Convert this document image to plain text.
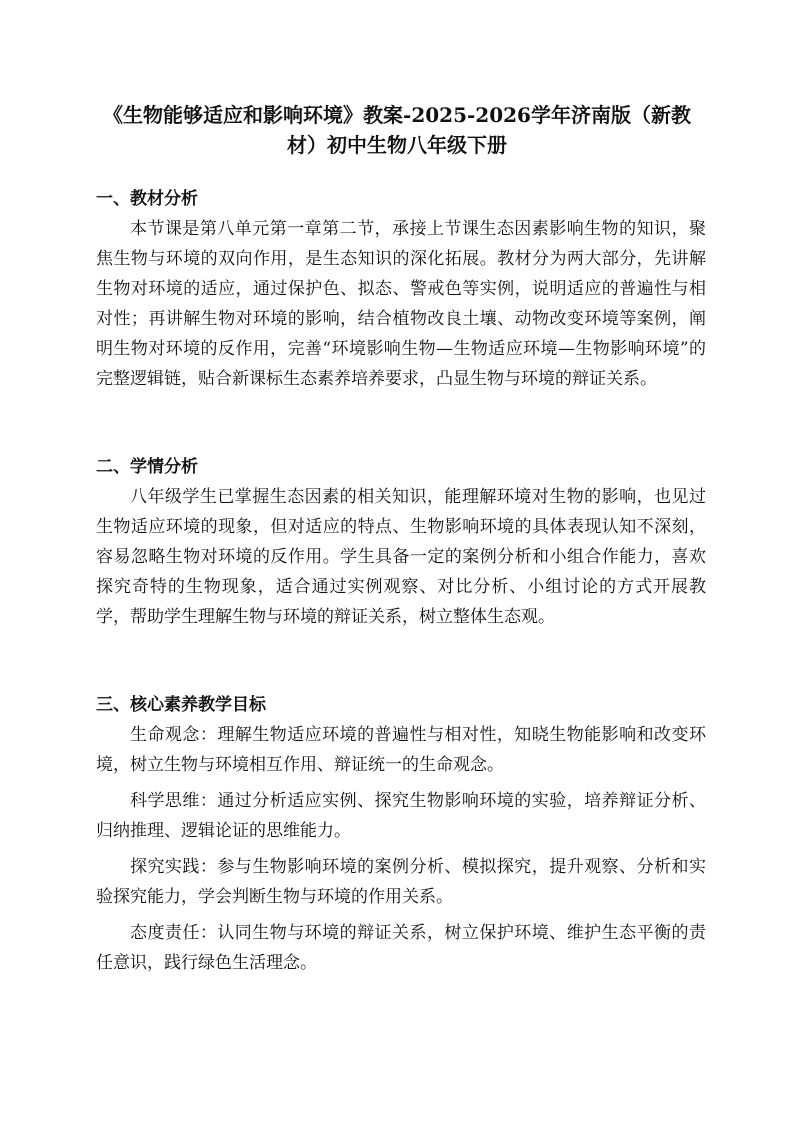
《生物能够适应和影响环境》教案-2025-2026学年济南版（新教材）初中生物八年级下册
一、教材分析

本节课是第八单元第一章第二节，承接上节课生态因素影响生物的知识，聚焦生物与环境的双向作用，是生态知识的深化拓展。教材分为两大部分，先讲解生物对环境的适应，通过保护色、拟态、警戒色等实例，说明适应的普遍性与相对性；再讲解生物对环境的影响，结合植物改良土壤、动物改变环境等案例，阐明生物对环境的反作用，完善“环境影响生物—生物适应环境—生物影响环境”的完整逻辑链，贴合新课标生态素养培养要求，凸显生物与环境的辩证关系。

二、学情分析

八年级学生已掌握生态因素的相关知识，能理解环境对生物的影响，也见过生物适应环境的现象，但对适应的特点、生物影响环境的具体表现认知不深刻，容易忽略生物对环境的反作用。学生具备一定的案例分析和小组合作能力，喜欢探究奇特的生物现象，适合通过实例观察、对比分析、小组讨论的方式开展教学，帮助学生理解生物与环境的辩证关系，树立整体生态观。

三、核心素养教学目标

生命观念：理解生物适应环境的普遍性与相对性，知晓生物能影响和改变环境，树立生物与环境相互作用、辩证统一的生命观念。

科学思维：通过分析适应实例、探究生物影响环境的实验，培养辩证分析、归纳推理、逻辑论证的思维能力。

探究实践：参与生物影响环境的案例分析、模拟探究，提升观察、分析和实验探究能力，学会判断生物与环境的作用关系。

态度责任：认同生物与环境的辩证关系，树立保护环境、维护生态平衡的责任意识，践行绿色生活理念。
